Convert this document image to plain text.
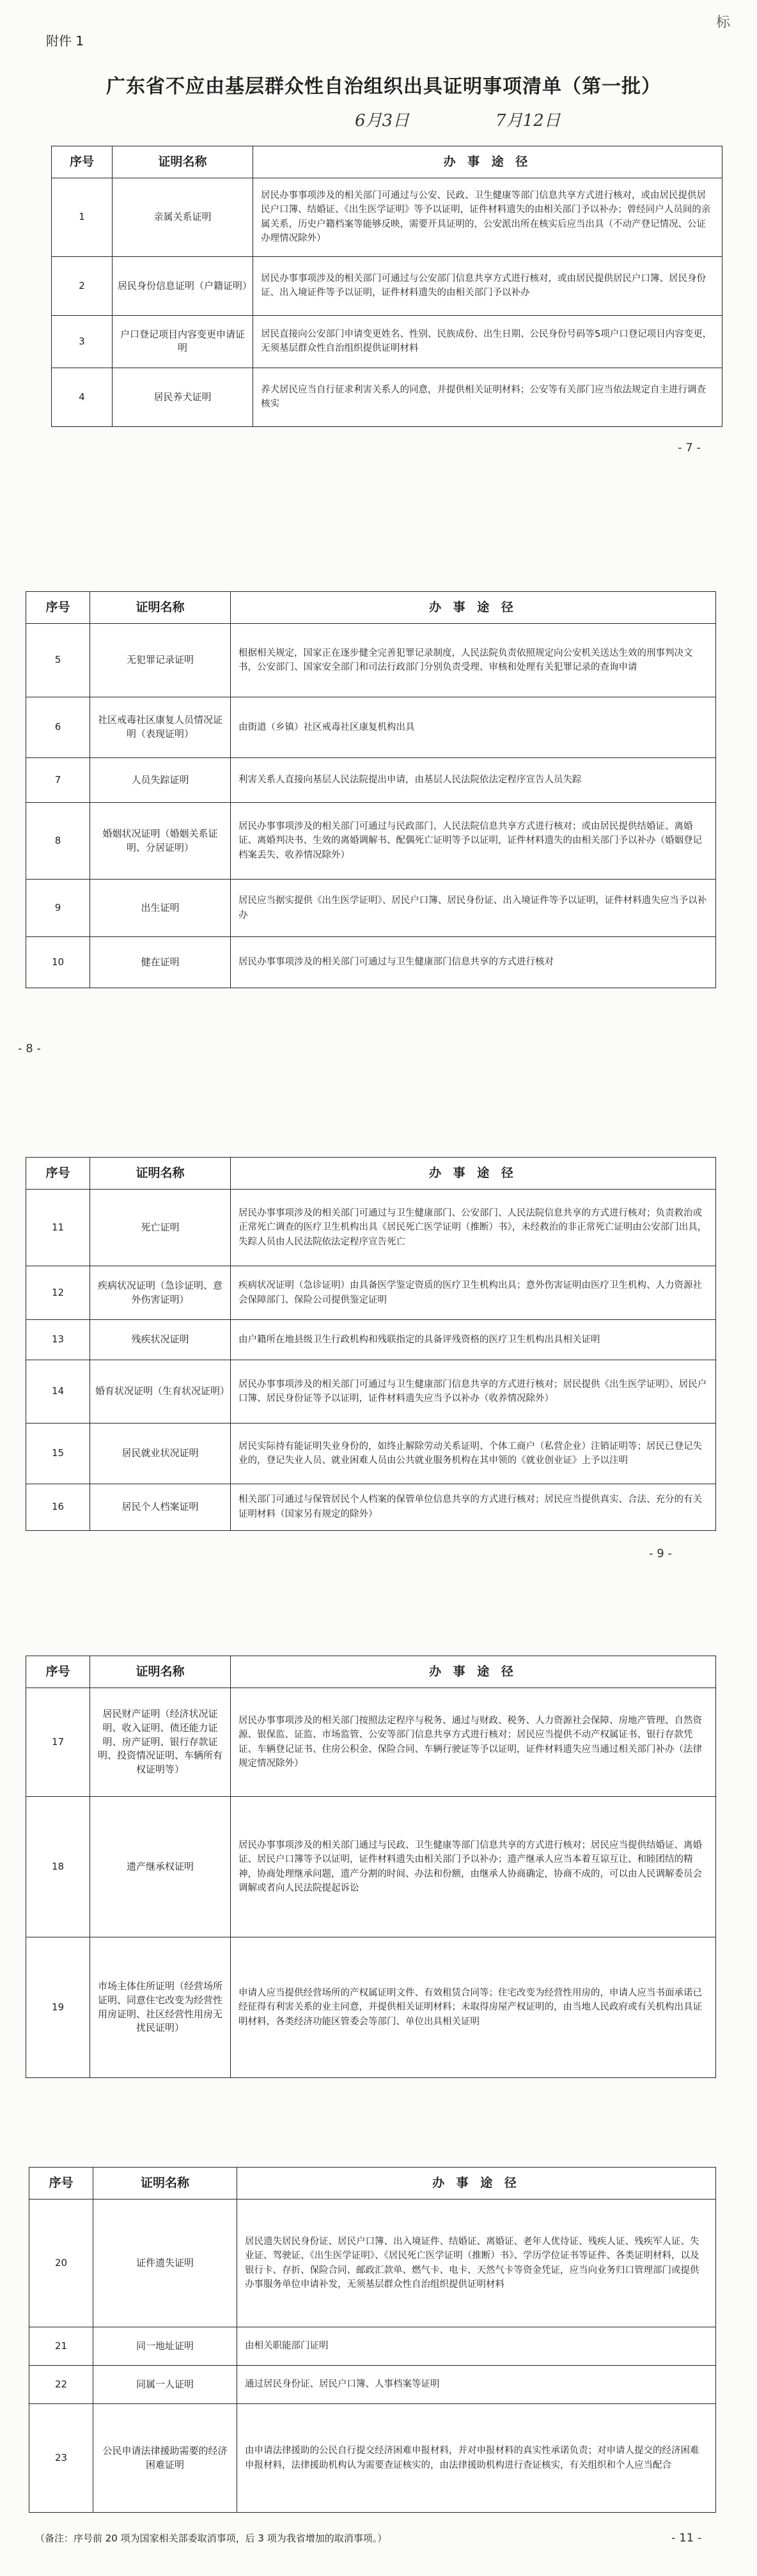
附件 1
标
广东省不应由基层群众性自治组织出具证明事项清单（第一批）
6月3日	7月12日
序号	证明名称	办 事 途 径
1	亲属关系证明	居民办事事项涉及的相关部门可通过与公安、民政、卫生健康等部门信息共享方式进行核对，或由居民提供居民户口簿、结婚证、《出生医学证明》等予以证明，证件材料遗失的由相关部门予以补办；曾经同户人员间的亲属关系，历史户籍档案等能够反映，需要开具证明的，公安派出所在核实后应当出具（不动产登记情况、公证办理情况除外）
2	居民身份信息证明（户籍证明）	居民办事事项涉及的相关部门可通过与公安部门信息共享方式进行核对，或由居民提供居民户口簿、居民身份证、出入境证件等予以证明，证件材料遗失的由相关部门予以补办
3	户口登记项目内容变更申请证明	居民直接向公安部门申请变更姓名、性别、民族成份、出生日期、公民身份号码等5项户口登记项目内容变更，无须基层群众性自治组织提供证明材料
4	居民养犬证明	养犬居民应当自行征求利害关系人的同意，并提供相关证明材料；公安等有关部门应当依法规定自主进行调查核实
- 7 -
序号	证明名称	办 事 途 径
5	无犯罪记录证明	根据相关规定，国家正在逐步健全完善犯罪记录制度，人民法院负责依照规定向公安机关送达生效的刑事判决文书，公安部门、国家安全部门和司法行政部门分别负责受理、审核和处理有关犯罪记录的查询申请
6	社区戒毒社区康复人员情况证明（表现证明）	由街道（乡镇）社区戒毒社区康复机构出具
7	人员失踪证明	利害关系人直接向基层人民法院提出申请，由基层人民法院依法定程序宣告人员失踪
8	婚姻状况证明（婚姻关系证明、分居证明）	居民办事事项涉及的相关部门可通过与民政部门、人民法院信息共享方式进行核对；或由居民提供结婚证、离婚证、离婚判决书、生效的离婚调解书、配偶死亡证明等予以证明，证件材料遗失的由相关部门予以补办（婚姻登记档案丢失、收养情况除外）
9	出生证明	居民应当据实提供《出生医学证明》、居民户口簿、居民身份证、出入境证件等予以证明，证件材料遗失应当予以补办
10	健在证明	居民办事事项涉及的相关部门可通过与卫生健康部门信息共享的方式进行核对
- 8 -
序号	证明名称	办 事 途 径
11	死亡证明	居民办事事项涉及的相关部门可通过与卫生健康部门、公安部门、人民法院信息共享的方式进行核对；负责救治或正常死亡调查的医疗卫生机构出具《居民死亡医学证明（推断）书》，未经救治的非正常死亡证明由公安部门出具，失踪人员由人民法院依法定程序宣告死亡
12	疾病状况证明（急诊证明、意外伤害证明）	疾病状况证明（急诊证明）由具备医学鉴定资质的医疗卫生机构出具；意外伤害证明由医疗卫生机构、人力资源社会保障部门、保险公司提供鉴定证明
13	残疾状况证明	由户籍所在地县级卫生行政机构和残联指定的具备评残资格的医疗卫生机构出具相关证明
14	婚育状况证明（生育状况证明）	居民办事事项涉及的相关部门可通过与卫生健康部门信息共享的方式进行核对；居民提供《出生医学证明》、居民户口簿、居民身份证等予以证明，证件材料遗失应当予以补办（收养情况除外）
15	居民就业状况证明	居民实际持有能证明失业身份的，如终止解除劳动关系证明、个体工商户（私营企业）注销证明等；居民已登记失业的，登记失业人员、就业困难人员由公共就业服务机构在其申领的《就业创业证》上予以注明
16	居民个人档案证明	相关部门可通过与保管居民个人档案的保管单位信息共享的方式进行核对；居民应当提供真实、合法、充分的有关证明材料（国家另有规定的除外）
- 9 -
序号	证明名称	办 事 途 径
17	居民财产证明（经济状况证明、收入证明、债还能力证明、房产证明、银行存款证明、投资情况证明、车辆所有权证明等）	居民办事事项涉及的相关部门按照法定程序与税务、通过与财政、税务、人力资源社会保障、房地产管理、自然资源、银保监、证监、市场监管、公安等部门信息共享方式进行核对；居民应当提供不动产权属证书、银行存款凭证、车辆登记证书、住房公积金、保险合同、车辆行驶证等予以证明，证件材料遗失应当通过相关部门补办（法律规定情况除外）
18	遗产继承权证明	居民办事事项涉及的相关部门通过与民政、卫生健康等部门信息共享的方式进行核对；居民应当提供结婚证、离婚证、居民户口簿等予以证明，证件材料遗失由相关部门予以补办；遗产继承人应当本着互谅互让、和睦团结的精神，协商处理继承问题，遗产分割的时间、办法和份额，由继承人协商确定，协商不成的，可以由人民调解委员会调解或者向人民法院提起诉讼
19	市场主体住所证明（经营场所证明、同意住宅改变为经营性用房证明、社区经营性用房无扰民证明）	申请人应当提供经营场所的产权属证明文件、有效租赁合同等；住宅改变为经营性用房的，申请人应当书面承诺已经征得有利害关系的业主同意，并提供相关证明材料；未取得房屋产权证明的，由当地人民政府或有关机构出具证明材料，各类经济功能区管委会等部门、单位出具相关证明
序号	证明名称	办 事 途 径
20	证件遗失证明	居民遗失居民身份证、居民户口簿、出入境证件、结婚证、离婚证、老年人优待证、残疾人证、残疾军人证、失业证、驾驶证、《出生医学证明》、《居民死亡医学证明（推断）书》、学历学位证书等证件、各类证明材料，以及银行卡、存折、保险合同、邮政汇款单、燃气卡、电卡、天然气卡等资金凭证，应当向业务归口管理部门或提供办事服务单位申请补发，无须基层群众性自治组织提供证明材料
21	同一地址证明	由相关职能部门证明
22	同属一人证明	通过居民身份证、居民户口簿、人事档案等证明
23	公民申请法律援助需要的经济困难证明	由申请法律援助的公民自行提交经济困难申报材料，并对申报材料的真实性承诺负责；对申请人提交的经济困难申报材料，法律援助机构认为需要查证核实的，由法律援助机构进行查证核实，有关组织和个人应当配合
（备注：序号前 20 项为国家相关部委取消事项，后 3 项为我省增加的取消事项。）	- 11 -
